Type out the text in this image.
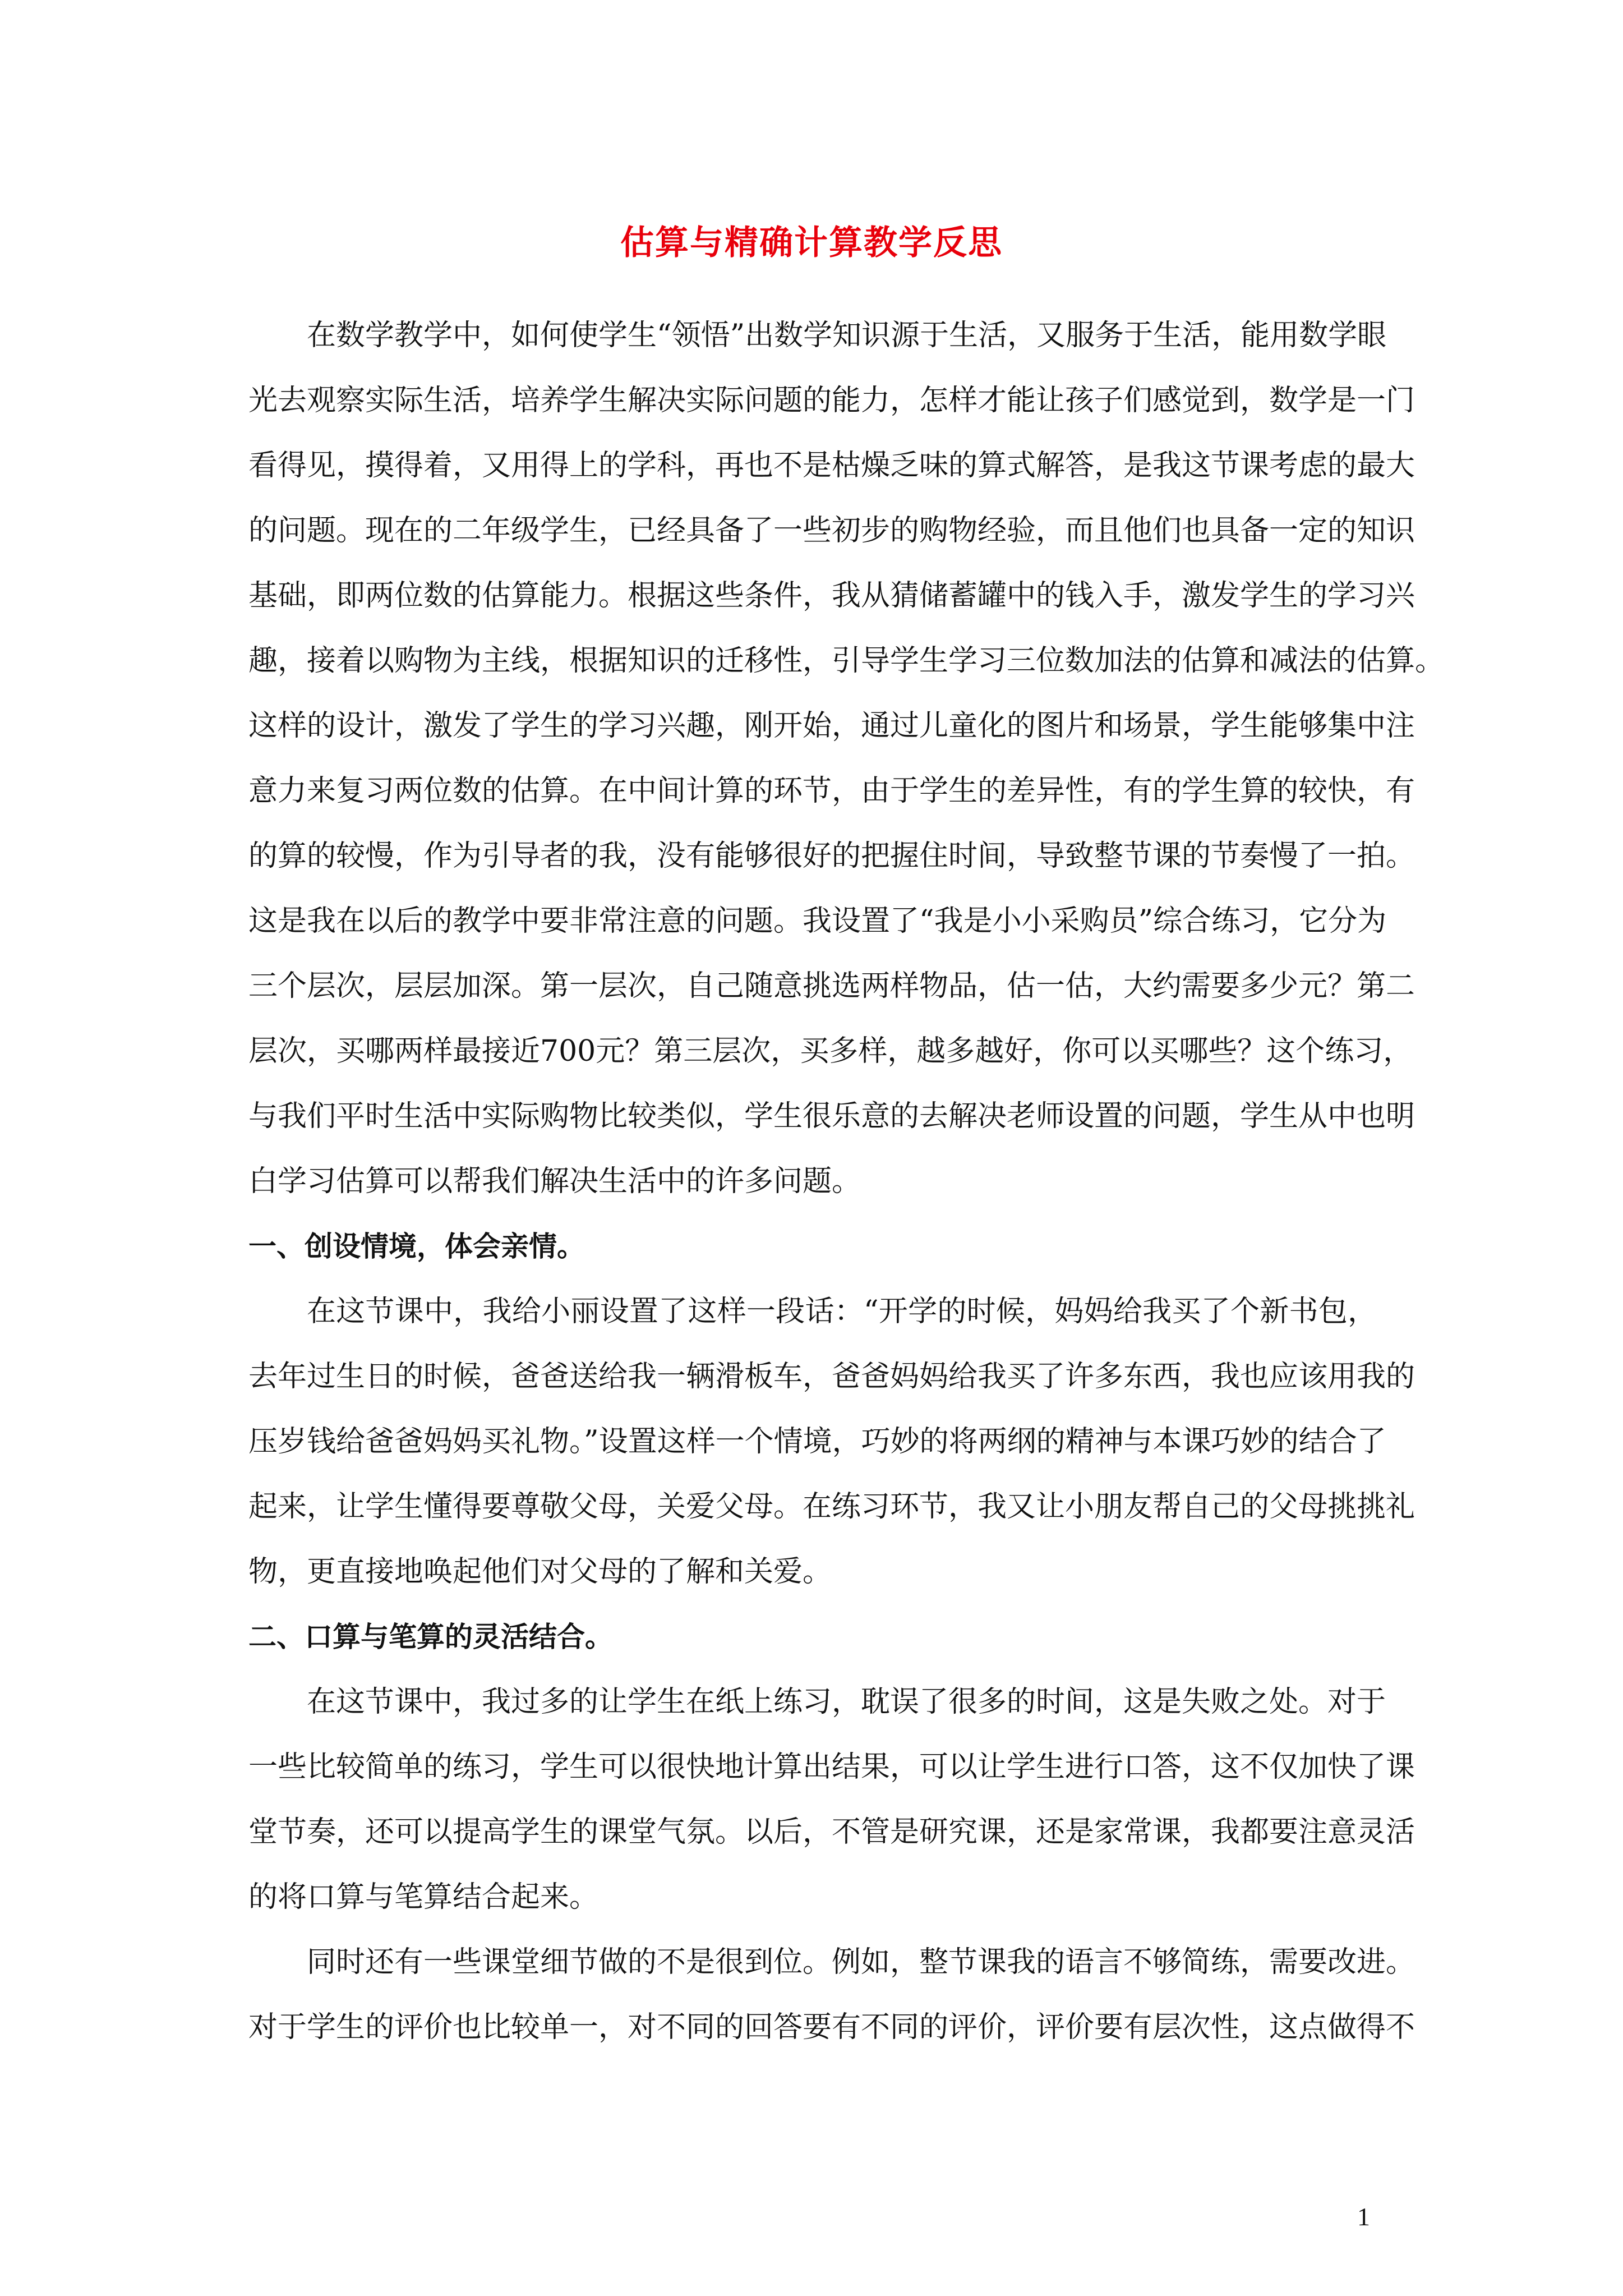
估算与精确计算教学反思
在数学教学中，如何使学生“领悟”出数学知识源于生活，又服务于生活，能用数学眼
光去观察实际生活，培养学生解决实际问题的能力，怎样才能让孩子们感觉到，数学是一门
看得见，摸得着，又用得上的学科，再也不是枯燥乏味的算式解答，是我这节课考虑的最大
的问题。现在的二年级学生，已经具备了一些初步的购物经验，而且他们也具备一定的知识
基础，即两位数的估算能力。根据这些条件，我从猜储蓄罐中的钱入手，激发学生的学习兴
趣，接着以购物为主线，根据知识的迁移性，引导学生学习三位数加法的估算和减法的估算。
这样的设计，激发了学生的学习兴趣，刚开始，通过儿童化的图片和场景，学生能够集中注
意力来复习两位数的估算。在中间计算的环节，由于学生的差异性，有的学生算的较快，有
的算的较慢，作为引导者的我，没有能够很好的把握住时间，导致整节课的节奏慢了一拍。
这是我在以后的教学中要非常注意的问题。我设置了“我是小小采购员”综合练习，它分为
三个层次，层层加深。第一层次，自己随意挑选两样物品，估一估，大约需要多少元？第二
层次，买哪两样最接近700元？第三层次，买多样，越多越好，你可以买哪些？这个练习，
与我们平时生活中实际购物比较类似，学生很乐意的去解决老师设置的问题，学生从中也明
白学习估算可以帮我们解决生活中的许多问题。
一、创设情境，体会亲情。
在这节课中，我给小丽设置了这样一段话：“开学的时候，妈妈给我买了个新书包，
去年过生日的时候，爸爸送给我一辆滑板车，爸爸妈妈给我买了许多东西，我也应该用我的
压岁钱给爸爸妈妈买礼物。”设置这样一个情境，巧妙的将两纲的精神与本课巧妙的结合了
起来，让学生懂得要尊敬父母，关爱父母。在练习环节，我又让小朋友帮自己的父母挑挑礼
物，更直接地唤起他们对父母的了解和关爱。
二、口算与笔算的灵活结合。
在这节课中，我过多的让学生在纸上练习，耽误了很多的时间，这是失败之处。对于
一些比较简单的练习，学生可以很快地计算出结果，可以让学生进行口答，这不仅加快了课
堂节奏，还可以提高学生的课堂气氛。以后，不管是研究课，还是家常课，我都要注意灵活
的将口算与笔算结合起来。
同时还有一些课堂细节做的不是很到位。例如，整节课我的语言不够简练，需要改进。
对于学生的评价也比较单一，对不同的回答要有不同的评价，评价要有层次性，这点做得不
1
